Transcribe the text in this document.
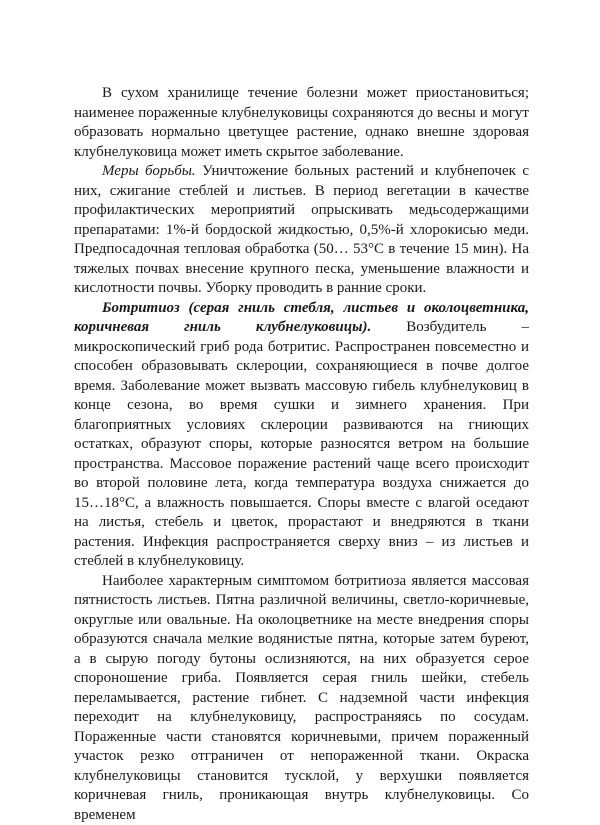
В сухом хранилище течение болезни может приостановиться; наименее пораженные клубнелуковицы сохраняются до весны и могут образовать нормально цветущее растение, однако внешне здоровая клубнелуковица может иметь скрытое заболевание.

Меры борьбы. Уничтожение больных растений и клубнепочек с них, сжигание стеблей и листьев. В период вегетации в качестве профилактических мероприятий опрыскивать медьсодержащими препаратами: 1%-й бордоской жидкостью, 0,5%-й хлорокисью меди. Предпосадочная тепловая обработка (50… 53°С в течение 15 мин). На тяжелых почвах внесение крупного песка, уменьшение влажности и кислотности почвы. Уборку проводить в ранние сроки.

Ботритиоз (серая гниль стебля, листьев и околоцветника, коричневая гниль клубнелуковицы). Возбудитель – микроскопический гриб рода ботритис. Распространен повсеместно и способен образовывать склероции, сохраняющиеся в почве долгое время. Заболевание может вызвать массовую гибель клубнелуковиц в конце сезона, во время сушки и зимнего хранения. При благоприятных условиях склероции развиваются на гниющих остатках, образуют споры, которые разносятся ветром на большие пространства. Массовое поражение растений чаще всего происходит во второй половине лета, когда температура воздуха снижается до 15…18°С, а влажность повышается. Споры вместе с влагой оседают на листья, стебель и цветок, прорастают и внедряются в ткани растения. Инфекция распространяется сверху вниз – из листьев и стеблей в клубнелуковицу.

Наиболее характерным симптомом ботритиоза является массовая пятнистость листьев. Пятна различной величины, светло-коричневые, округлые или овальные. На околоцветнике на месте внедрения споры образуются сначала мелкие водянистые пятна, которые затем буреют, а в сырую погоду бутоны ослизняются, на них образуется серое спороношение гриба. Появляется серая гниль шейки, стебель переламывается, растение гибнет. С надземной части инфекция переходит на клубнелуковицу, распространяясь по сосудам. Пораженные части становятся коричневыми, причем пораженный участок резко отграничен от непораженной ткани. Окраска клубнелуковицы становится тусклой, у верхушки появляется коричневая гниль, проникающая внутрь клубнелуковицы. Со временем
